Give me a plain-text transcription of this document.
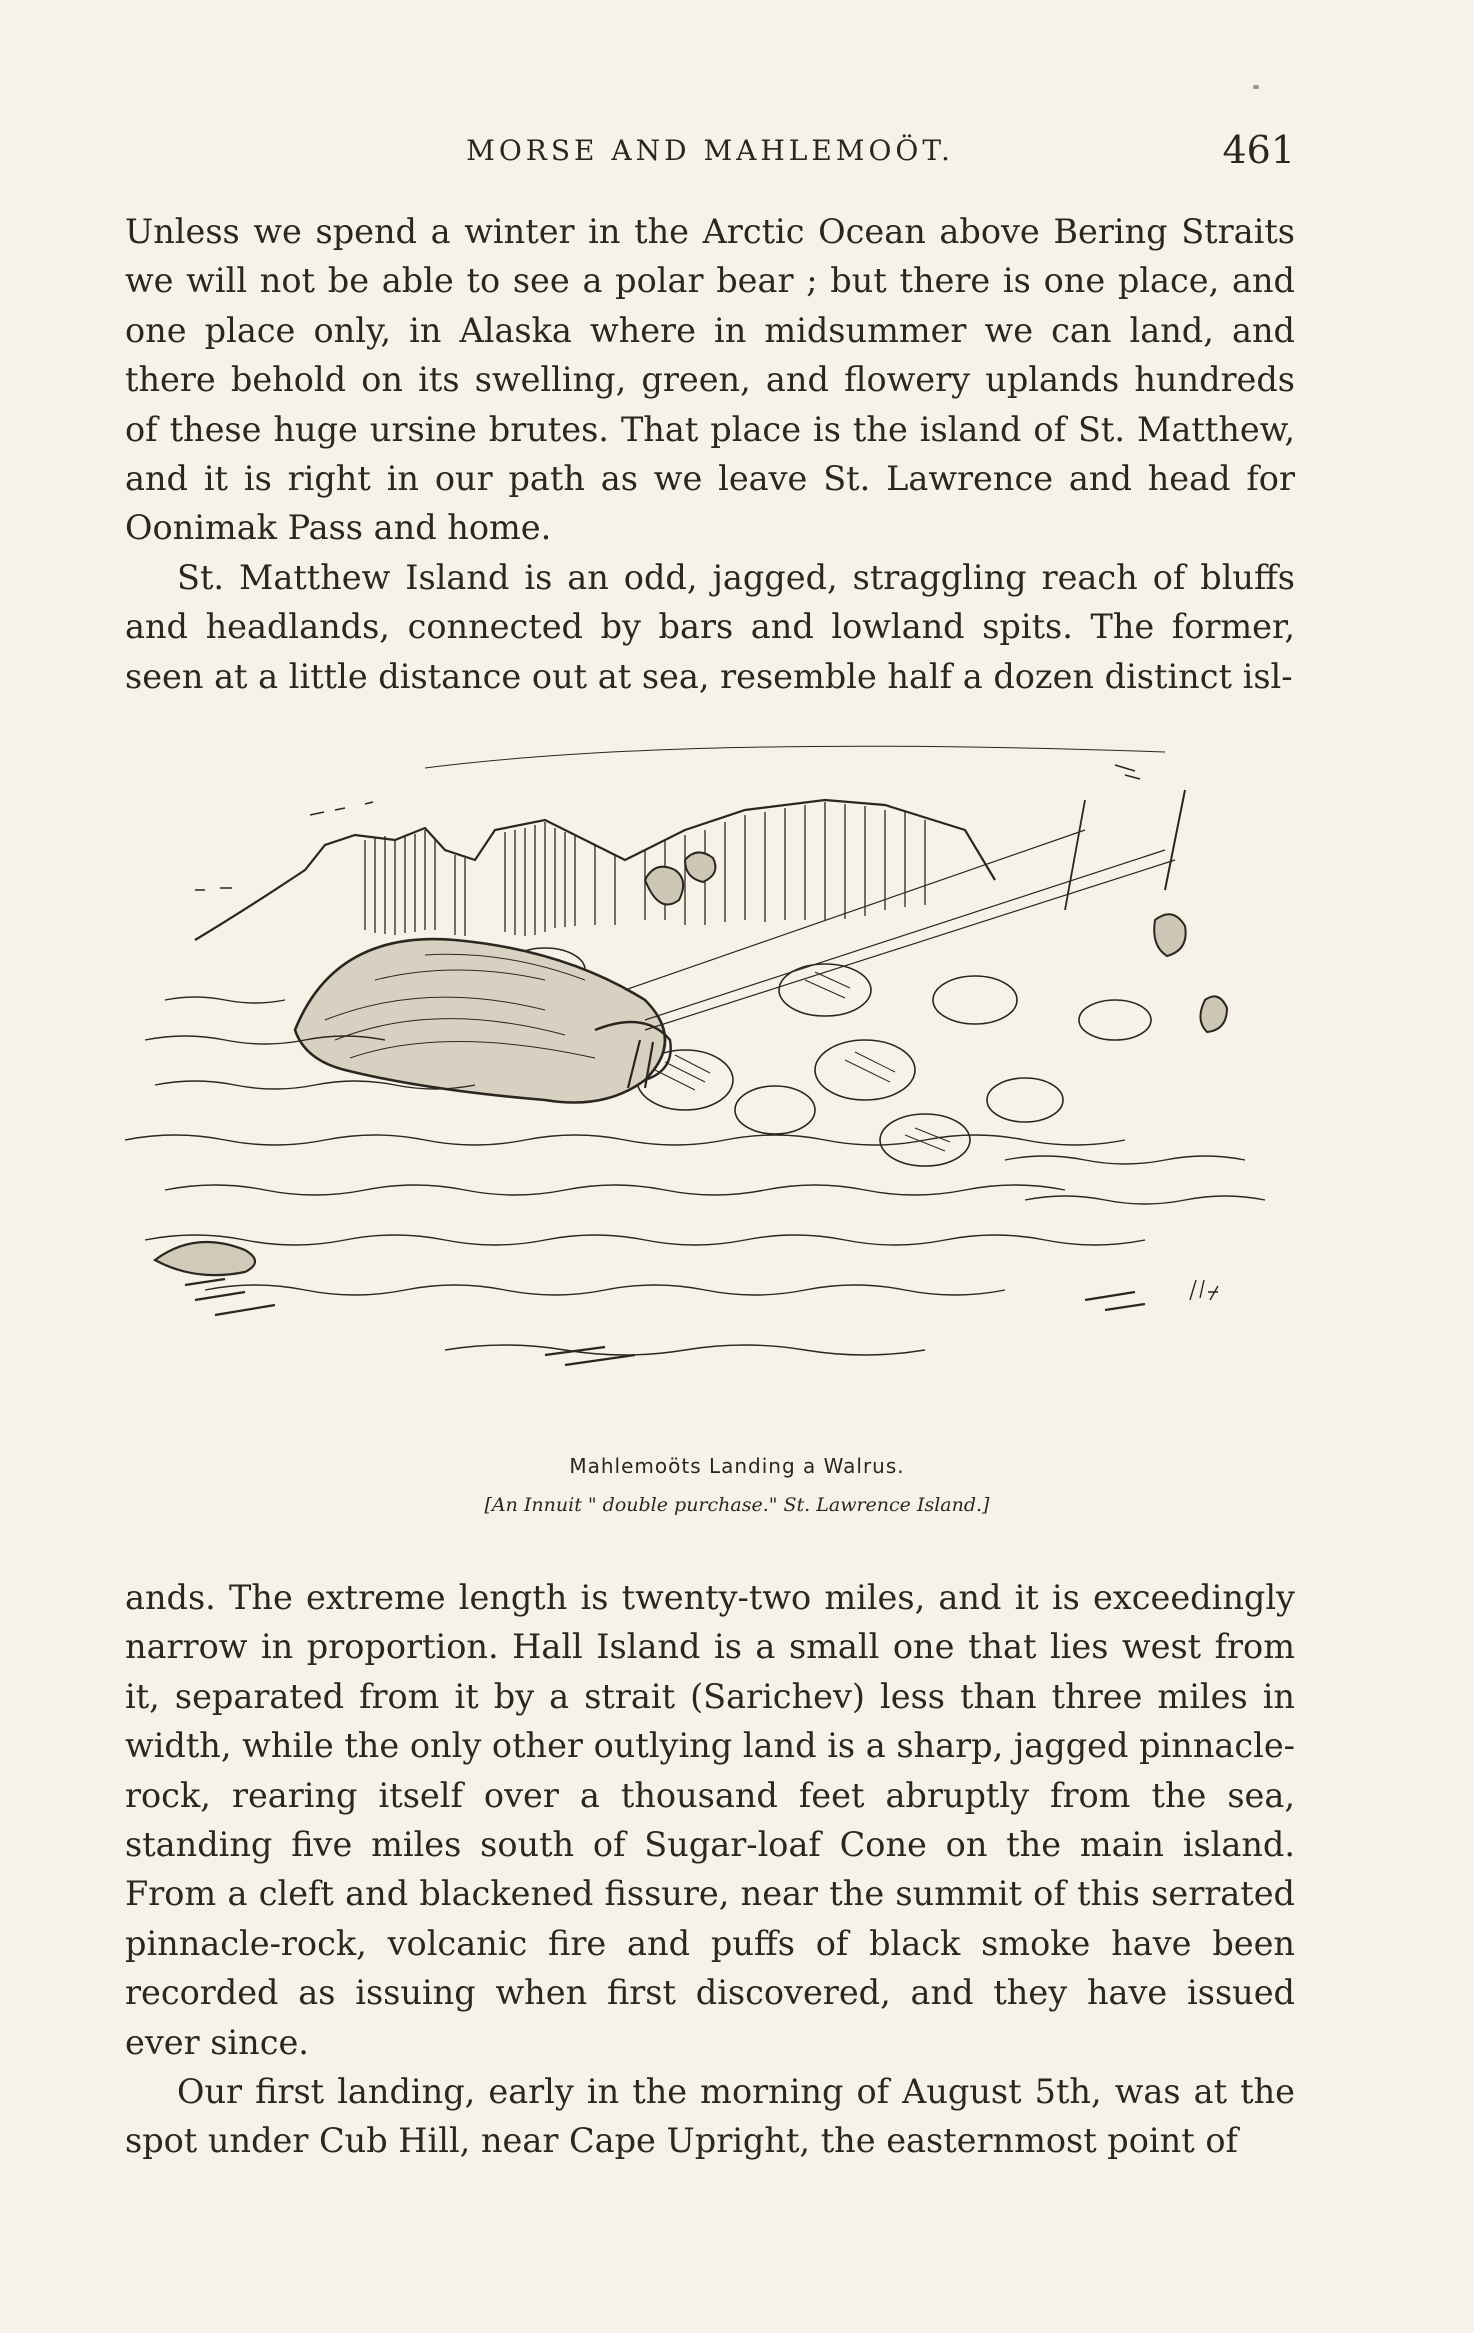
MORSE AND MAHLEMOÖT.	461

Unless we spend a winter in the Arctic Ocean above Bering Straits we will not be able to see a polar bear ; but there is one place, and one place only, in Alaska where in midsummer we can land, and there behold on its swelling, green, and flowery uplands hundreds of these huge ursine brutes. That place is the island of St. Matthew, and it is right in our path as we leave St. Lawrence and head for Oonimak Pass and home.

St. Matthew Island is an odd, jagged, straggling reach of bluffs and headlands, connected by bars and lowland spits. The former, seen at a little distance out at sea, resemble half a dozen distinct isl-

Mahlemoöts Landing a Walrus.
[An Innuit " double purchase." St. Lawrence Island.]

ands. The extreme length is twenty-two miles, and it is exceedingly narrow in proportion. Hall Island is a small one that lies west from it, separated from it by a strait (Sarichev) less than three miles in width, while the only other outlying land is a sharp, jagged pinnacle-rock, rearing itself over a thousand feet abruptly from the sea, standing five miles south of Sugar-loaf Cone on the main island. From a cleft and blackened fissure, near the summit of this serrated pinnacle-rock, volcanic fire and puffs of black smoke have been recorded as issuing when first discovered, and they have issued ever since.

Our first landing, early in the morning of August 5th, was at the spot under Cub Hill, near Cape Upright, the easternmost point of
